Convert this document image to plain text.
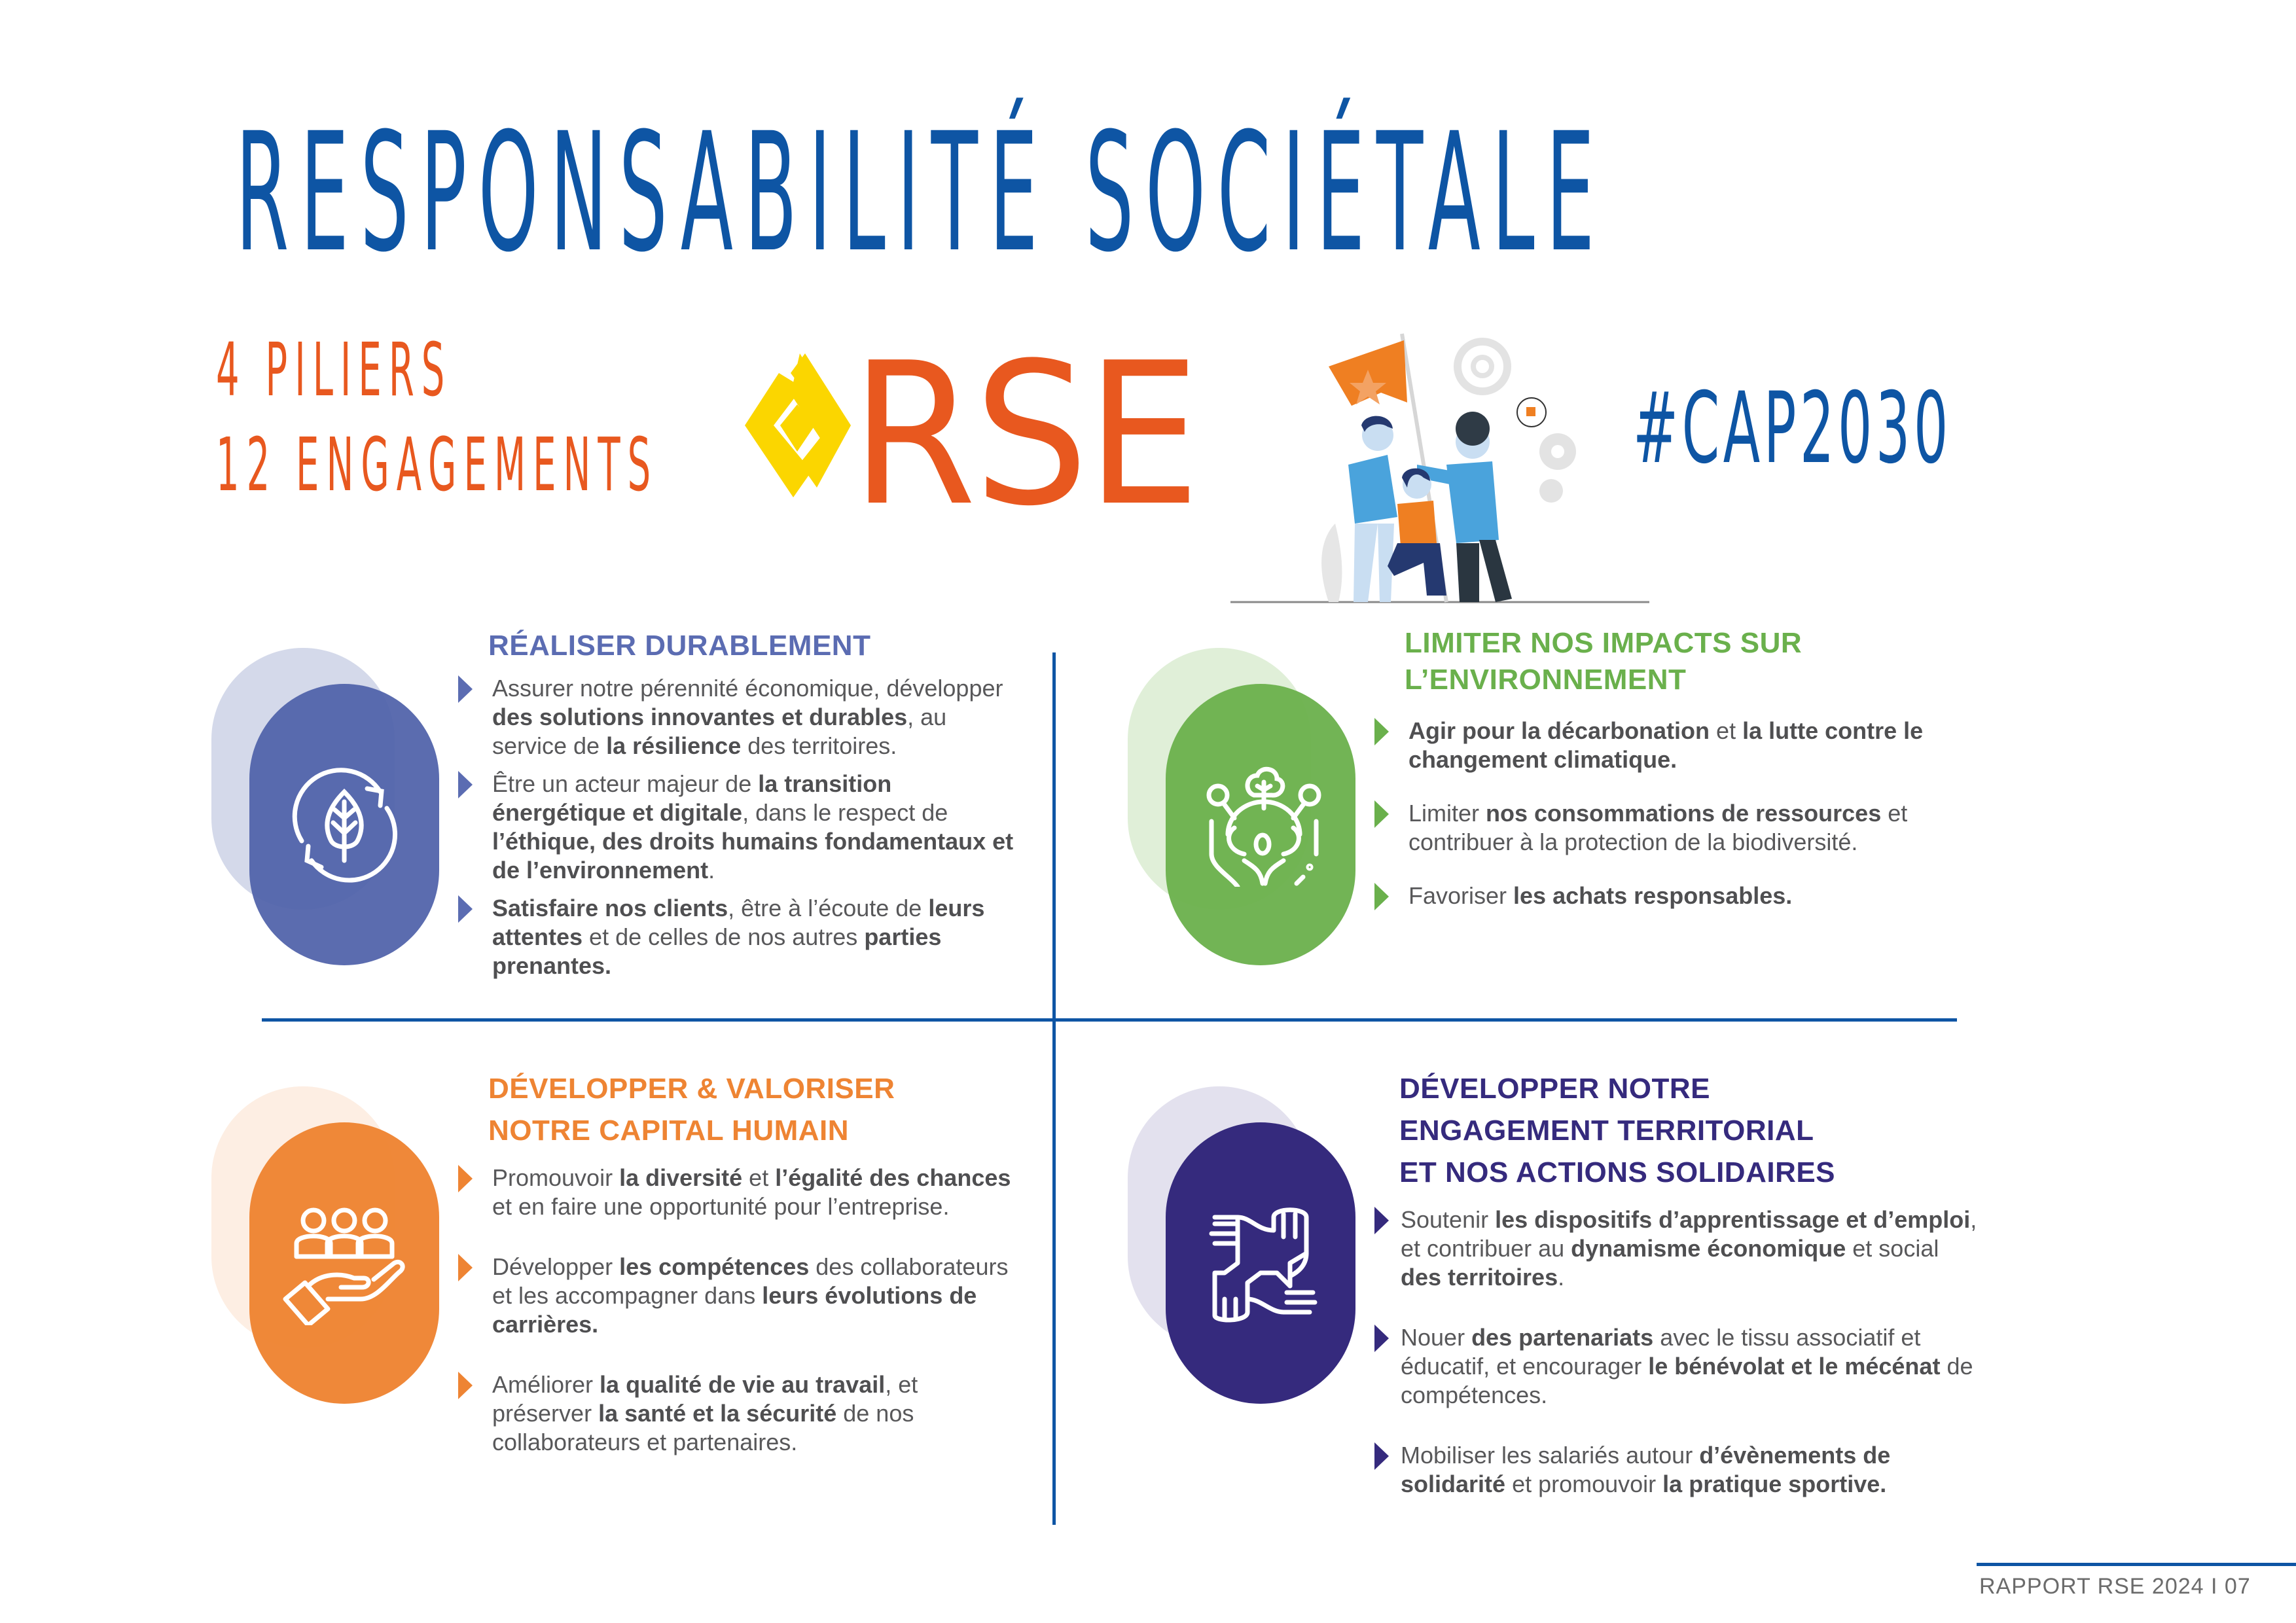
RESPONSABILITÉ SOCIÉTALE
4 PILIERS
12 ENGAGEMENTS RSE	#CAP2030
RÉALISER DURABLEMENT
Assurer notre pérennité économique, développer des solutions innovantes et durables, au service de la résilience des territoires.
Être un acteur majeur de la transition énergétique et digitale, dans le respect de l’éthique, des droits humains fondamentaux et de l’environnement.
Satisfaire nos clients, être à l’écoute de leurs attentes et de celles de nos autres parties prenantes.
LIMITER NOS IMPACTS SUR
L’ENVIRONNEMENT
Agir pour la décarbonation et la lutte contre le changement climatique.
Limiter nos consommations de ressources et contribuer à la protection de la biodiversité.
Favoriser les achats responsables.
DÉVELOPPER & VALORISER
NOTRE CAPITAL HUMAIN
Promouvoir la diversité et l’égalité des chances et en faire une opportunité pour l’entreprise.
Développer les compétences des collaborateurs et les accompagner dans leurs évolutions de carrières.
Améliorer la qualité de vie au travail, et préserver la santé et la sécurité de nos collaborateurs et partenaires.
DÉVELOPPER NOTRE
ENGAGEMENT TERRITORIAL
ET NOS ACTIONS SOLIDAIRES
Soutenir les dispositifs d’apprentissage et d’emploi, et contribuer au dynamisme économique et social des territoires.
Nouer des partenariats avec le tissu associatif et éducatif, et encourager le bénévolat et le mécénat de compétences.
Mobiliser les salariés autour d’évènements de solidarité et promouvoir la pratique sportive.
RAPPORT RSE 2024 I 07
